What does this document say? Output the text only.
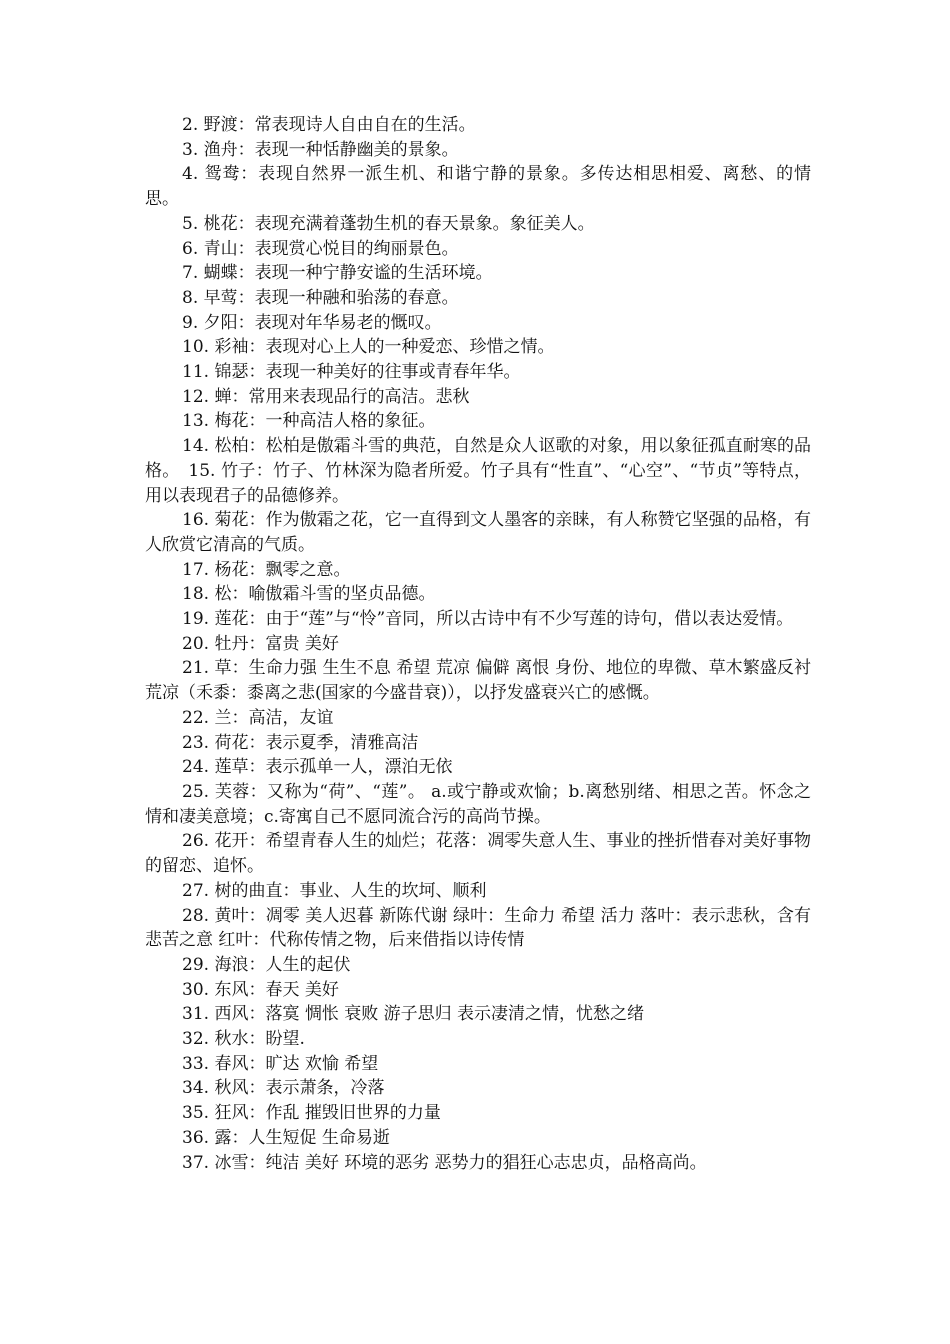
2. 野渡：常表现诗人自由自在的生活。

3. 渔舟：表现一种恬静幽美的景象。

4. 鸳鸯：表现自然界一派生机、和谐宁静的景象。多传达相思相爱、离愁、的情思。

5. 桃花：表现充满着蓬勃生机的春天景象。象征美人。

6. 青山：表现赏心悦目的绚丽景色。

7. 蝴蝶：表现一种宁静安谧的生活环境。

8. 早莺：表现一种融和骀荡的春意。

9. 夕阳：表现对年华易老的慨叹。

10. 彩袖：表现对心上人的一种爱恋、珍惜之情。

11. 锦瑟：表现一种美好的往事或青春年华。

12. 蝉：常用来表现品行的高洁。悲秋

13. 梅花：一种高洁人格的象征。

14. 松柏：松柏是傲霜斗雪的典范，自然是众人讴歌的对象，用以象征孤直耐寒的品格。　15. 竹子：竹子、竹林深为隐者所爱。竹子具有“性直”、“心空”、“节贞”等特点，用以表现君子的品德修养。

16. 菊花：作为傲霜之花，它一直得到文人墨客的亲睐，有人称赞它坚强的品格，有人欣赏它清高的气质。

17. 杨花：飘零之意。

18. 松：喻傲霜斗雪的坚贞品德。

19. 莲花：由于“莲”与“怜”音同，所以古诗中有不少写莲的诗句，借以表达爱情。

20. 牡丹：富贵 美好

21. 草：生命力强 生生不息 希望 荒凉 偏僻 离恨 身份、地位的卑微、草木繁盛反衬荒凉（禾黍：黍离之悲(国家的今盛昔衰)），以抒发盛衰兴亡的感慨。

22. 兰：高洁，友谊

23. 荷花：表示夏季，清雅高洁

24. 莲草：表示孤单一人，漂泊无依

25. 芙蓉：又称为“荷”、“莲”。 a.或宁静或欢愉；b.离愁别绪、相思之苦。怀念之情和凄美意境；c.寄寓自己不愿同流合污的高尚节操。

26. 花开：希望青春人生的灿烂；花落：凋零失意人生、事业的挫折惜春对美好事物的留恋、追怀。

27. 树的曲直：事业、人生的坎坷、顺利

28. 黄叶：凋零 美人迟暮 新陈代谢 绿叶：生命力 希望 活力 落叶：表示悲秋，含有悲苦之意 红叶：代称传情之物，后来借指以诗传情

29. 海浪：人生的起伏

30. 东风：春天 美好

31. 西风：落寞 惆怅 衰败 游子思归 表示凄清之情，忧愁之绪

32. 秋水：盼望.

33. 春风：旷达 欢愉 希望

34. 秋风：表示萧条，冷落

35. 狂风：作乱 摧毁旧世界的力量

36. 露：人生短促 生命易逝

37. 冰雪：纯洁 美好 环境的恶劣 恶势力的猖狂心志忠贞，品格高尚。
